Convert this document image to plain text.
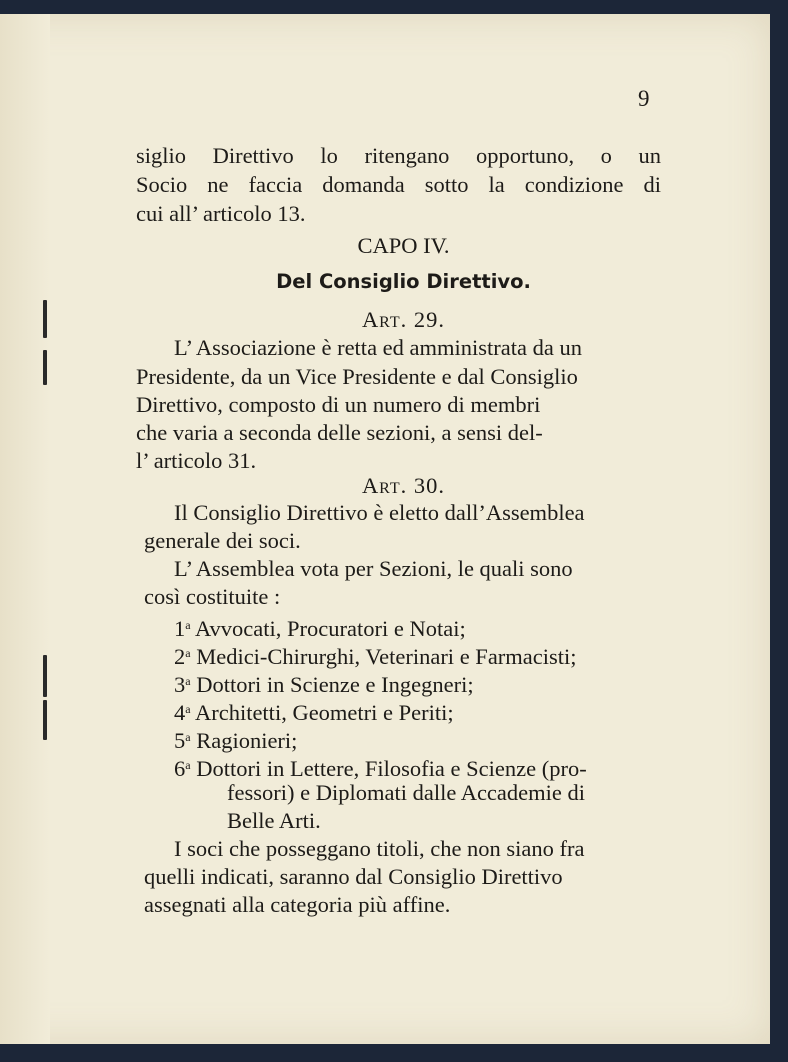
9
siglio Direttivo lo ritengano opportuno, o un
Socio ne faccia domanda sotto la condizione di
cui all’ articolo 13.
CAPO IV.
Del Consiglio Direttivo.
Art. 29.
L’ Associazione è retta ed amministrata da un
Presidente, da un Vice Presidente e dal Consiglio
Direttivo, composto di un numero di membri
che varia a seconda delle sezioni, a sensi del-
l’ articolo 31.
Art. 30.
Il Consiglio Direttivo è eletto dall’Assemblea
generale dei soci.
L’ Assemblea vota per Sezioni, le quali sono
così costituite :
1$^a$ Avvocati, Procuratori e Notai;
2$^a$ Medici-Chirurghi, Veterinari e Farmacisti;
3$^a$ Dottori in Scienze e Ingegneri;
4$^a$ Architetti, Geometri e Periti;
5$^a$ Ragionieri;
6$^a$ Dottori in Lettere, Filosofia e Scienze (pro-
fessori) e Diplomati dalle Accademie di
Belle Arti.
I soci che posseggano titoli, che non siano fra
quelli indicati, saranno dal Consiglio Direttivo
assegnati alla categoria più affine.
